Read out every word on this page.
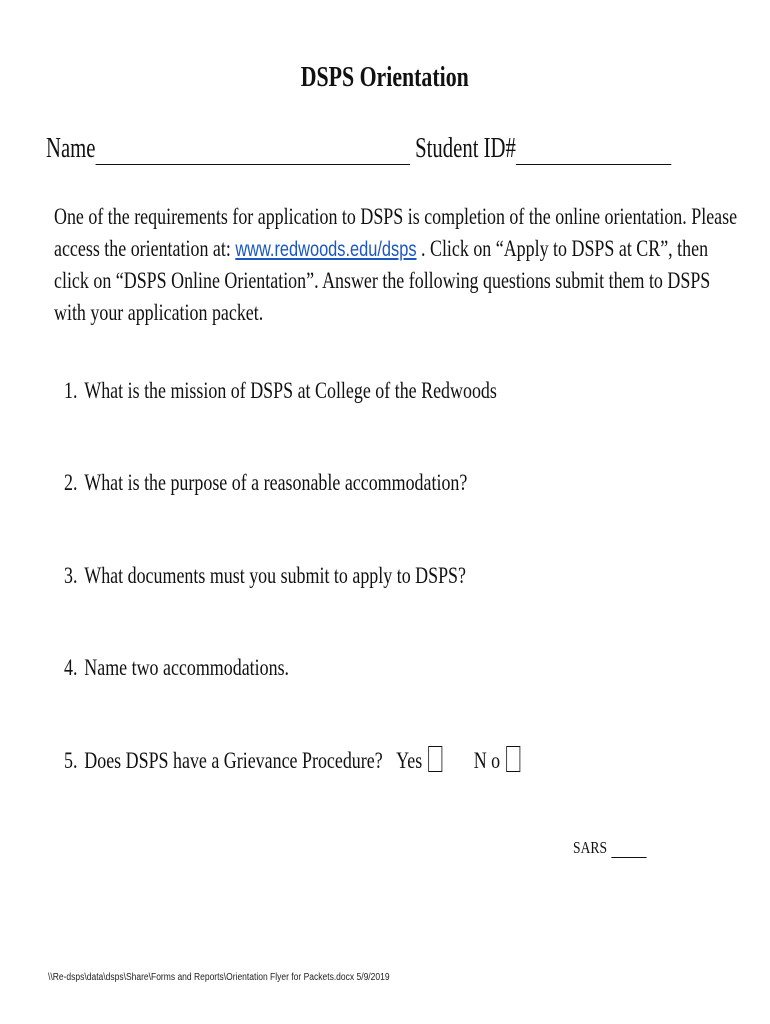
DSPS Orientation
Name	Student ID#
One of the requirements for application to DSPS is completion of the online orientation. Please
access the orientation at: www.redwoods.edu/dsps . Click on “Apply to DSPS at CR”, then
click on “DSPS Online Orientation”. Answer the following questions submit them to DSPS
with your application packet.
1. What is the mission of DSPS at College of the Redwoods
2. What is the purpose of a reasonable accommodation?
3. What documents must you submit to apply to DSPS?
4. Name two accommodations.
5. Does DSPS have a Grievance Procedure? Yes N o
SARS
\\Re-dsps\data\dsps\Share\Forms and Reports\Orientation Flyer for Packets.docx 5/9/2019
